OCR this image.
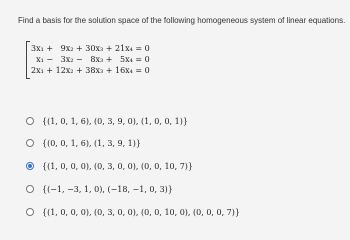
Find a basis for the solution space of the following homogeneous system of linear equations.
3x₁ +   9x₂ + 30x₃ + 21x₄ = 0
x₁ −   3x₂ −   8x₃ +   5x₄ = 0
2x₁ + 12x₂ + 38x₃ + 16x₄ = 0
{(1, 0, 1, 6), (0, 3, 9, 0), (1, 0, 0, 1)}
{(0, 0, 1, 6), (1, 3, 9, 1)}
{(1, 0, 0, 0), (0, 3, 0, 0), (0, 0, 10, 7)}
{(−1, −3, 1, 0), (−18, −1, 0, 3)}
{(1, 0, 0, 0), (0, 3, 0, 0), (0, 0, 10, 0), (0, 0, 0, 7)}
